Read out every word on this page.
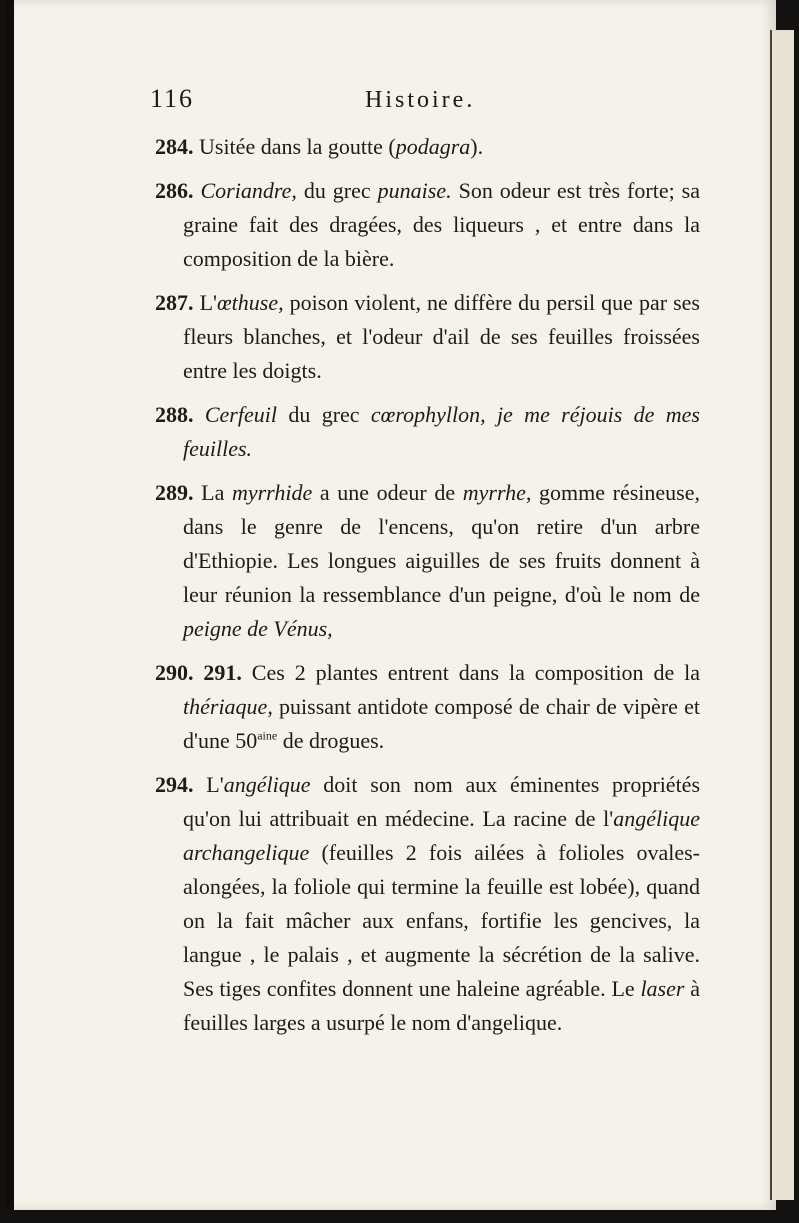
116	Histoire.

284. Usitée dans la goutte (podagra).

286. Coriandre, du grec punaise. Son odeur est très forte; sa graine fait des dragées, des liqueurs , et entre dans la composition de la bière.

287. L'œthuse, poison violent, ne diffère du persil que par ses fleurs blanches, et l'odeur d'ail de ses feuilles froissées entre les doigts.

288. Cerfeuil du grec cœrophyllon, je me réjouis de mes feuilles.

289. La myrrhide a une odeur de myrrhe, gomme résineuse, dans le genre de l'encens, qu'on retire d'un arbre d'Ethiopie. Les longues aiguilles de ses fruits donnent à leur réunion la ressemblance d'un peigne, d'où le nom de peigne de Vénus,

290. 291. Ces 2 plantes entrent dans la composition de la thériaque, puissant antidote composé de chair de vipère et d'une $50^{aine}$ de drogues.

294. L'angélique doit son nom aux éminentes propriétés qu'on lui attribuait en médecine. La racine de l'angélique archangelique (feuilles 2 fois ailées à folioles ovales-alongées, la foliole qui termine la feuille est lobée), quand on la fait mâcher aux enfans, fortifie les gencives, la langue , le palais , et augmente la sécrétion de la salive. Ses tiges confites donnent une haleine agréable. Le laser à feuilles larges a usurpé le nom d'angelique.
